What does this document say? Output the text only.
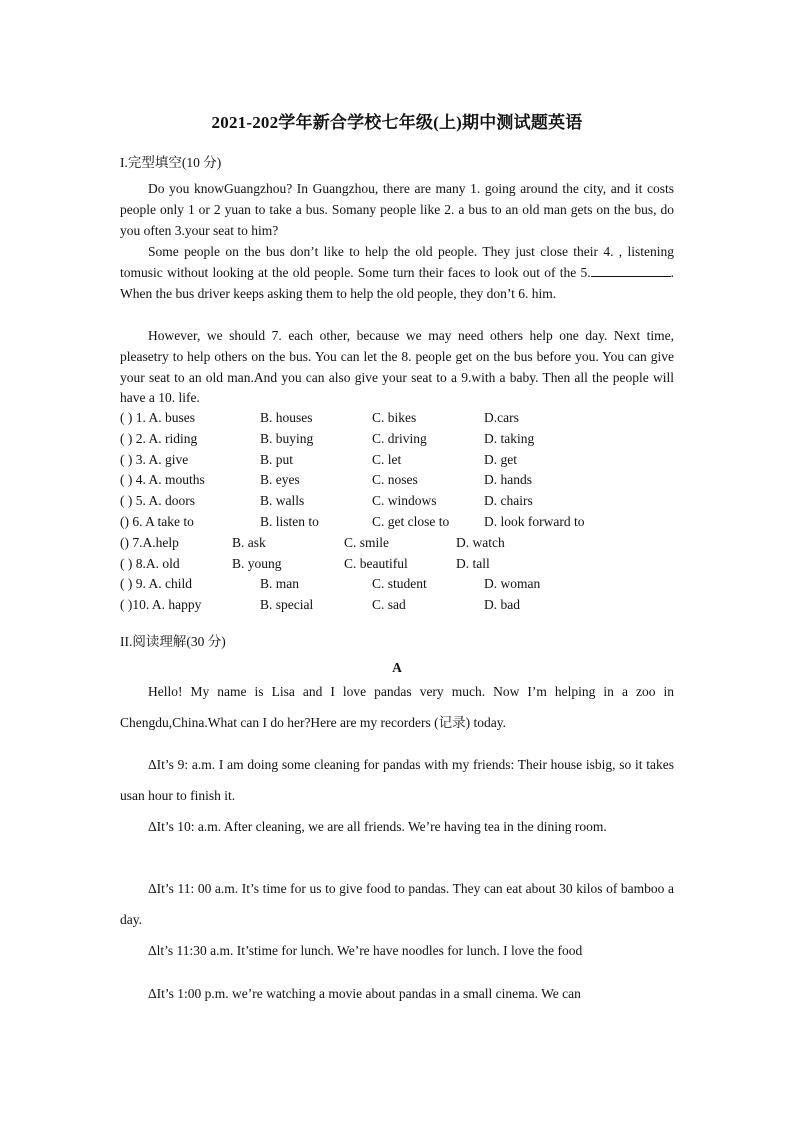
2021-202学年新合学校七年级(上)期中测试题英语
I.完型填空(10 分)
Do you knowGuangzhou? In Guangzhou, there are many 1. going around the city, and it costs people only 1 or 2 yuan to take a bus. Somany people like 2. a bus to an old man gets on the bus, do you often 3.your seat to him?
Some people on the bus don’t like to help the old people. They just close their 4. , listening tomusic without looking at the old people. Some turn their faces to look out of the 5.	. When the bus driver keeps asking them to help the old people, they don’t 6. him.
However, we should 7. each other, because we may need others help one day. Next time, pleasetry to help others on the bus. You can let the 8. people get on the bus before you. You can give your seat to an old man.And you can also give your seat to a 9.with a baby. Then all the people will have a 10. life.
( ) 1. A. buses	B. houses	C. bikes	D.cars
( ) 2. A. riding	B. buying	C. driving	D. taking
( ) 3. A. give	B. put	C. let	D. get
( ) 4. A. mouths	B. eyes	C. noses	D. hands
( ) 5. A. doors	B. walls	C. windows	D. chairs
() 6. A take to	B. listen to	C. get close to	D. look forward to
() 7.A.help	B. ask	C. smile	D. watch
( ) 8.A. old	B. young	C. beautiful	D. tall
( ) 9. A. child	B. man	C. student	D. woman
( )10. A. happy	B. special	C. sad	D. bad
II.阅读理解(30 分)
A
Hello! My name is Lisa and I love pandas very much. Now I’m helping in a zoo in Chengdu,China.What can I do her?Here are my recorders (记录) today.
ΔIt’s 9: a.m. I am doing some cleaning for pandas with my friends: Their house isbig, so it takes usan hour to finish it.
ΔIt’s 10: a.m. After cleaning, we are all friends. We’re having tea in the dining room.
ΔIt’s 11: 00 a.m. It’s time for us to give food to pandas. They can eat about 30 kilos of bamboo a day.
Δlt’s 11:30 a.m. It’stime for lunch. We’re have noodles for lunch. I love the food
ΔIt’s 1:00 p.m. we’re watching a movie about pandas in a small cinema. We can
